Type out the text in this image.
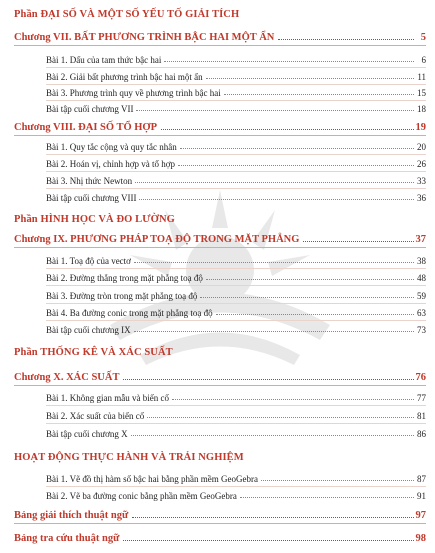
Phần ĐẠI SỐ VÀ MỘT SỐ YẾU TỐ GIẢI TÍCH
Chương VII. BẤT PHƯƠNG TRÌNH BẬC HAI MỘT ẨN	5
Bài 1. Dấu của tam thức bậc hai	6
Bài 2. Giải bất phương trình bậc hai một ẩn	11
Bài 3. Phương trình quy về phương trình bậc hai	15
Bài tập cuối chương VII	18
Chương VIII. ĐẠI SỐ TỔ HỢP	19
Bài 1. Quy tắc cộng và quy tắc nhân	20
Bài 2. Hoán vị, chỉnh hợp và tổ hợp	26
Bài 3. Nhị thức Newton	33
Bài tập cuối chương VIII	36
Phần HÌNH HỌC VÀ ĐO LƯỜNG
Chương IX. PHƯƠNG PHÁP TOẠ ĐỘ TRONG MẶT PHẲNG	37
Bài 1. Toạ độ của vectơ	38
Bài 2. Đường thẳng trong mặt phẳng toạ độ	48
Bài 3. Đường tròn trong mặt phẳng toạ độ	59
Bài 4. Ba đường conic trong mặt phẳng toạ độ	63
Bài tập cuối chương IX	73
Phần THỐNG KÊ VÀ XÁC SUẤT
Chương X. XÁC SUẤT	76
Bài 1. Không gian mẫu và biến cố	77
Bài 2. Xác suất của biến cố	81
Bài tập cuối chương X	86
HOẠT ĐỘNG THỰC HÀNH VÀ TRẢI NGHIỆM
Bài 1. Vẽ đồ thị hàm số bậc hai bằng phần mềm GeoGebra	87
Bài 2. Vẽ ba đường conic bằng phần mềm GeoGebra	91
Bảng giải thích thuật ngữ	97
Bảng tra cứu thuật ngữ	98
